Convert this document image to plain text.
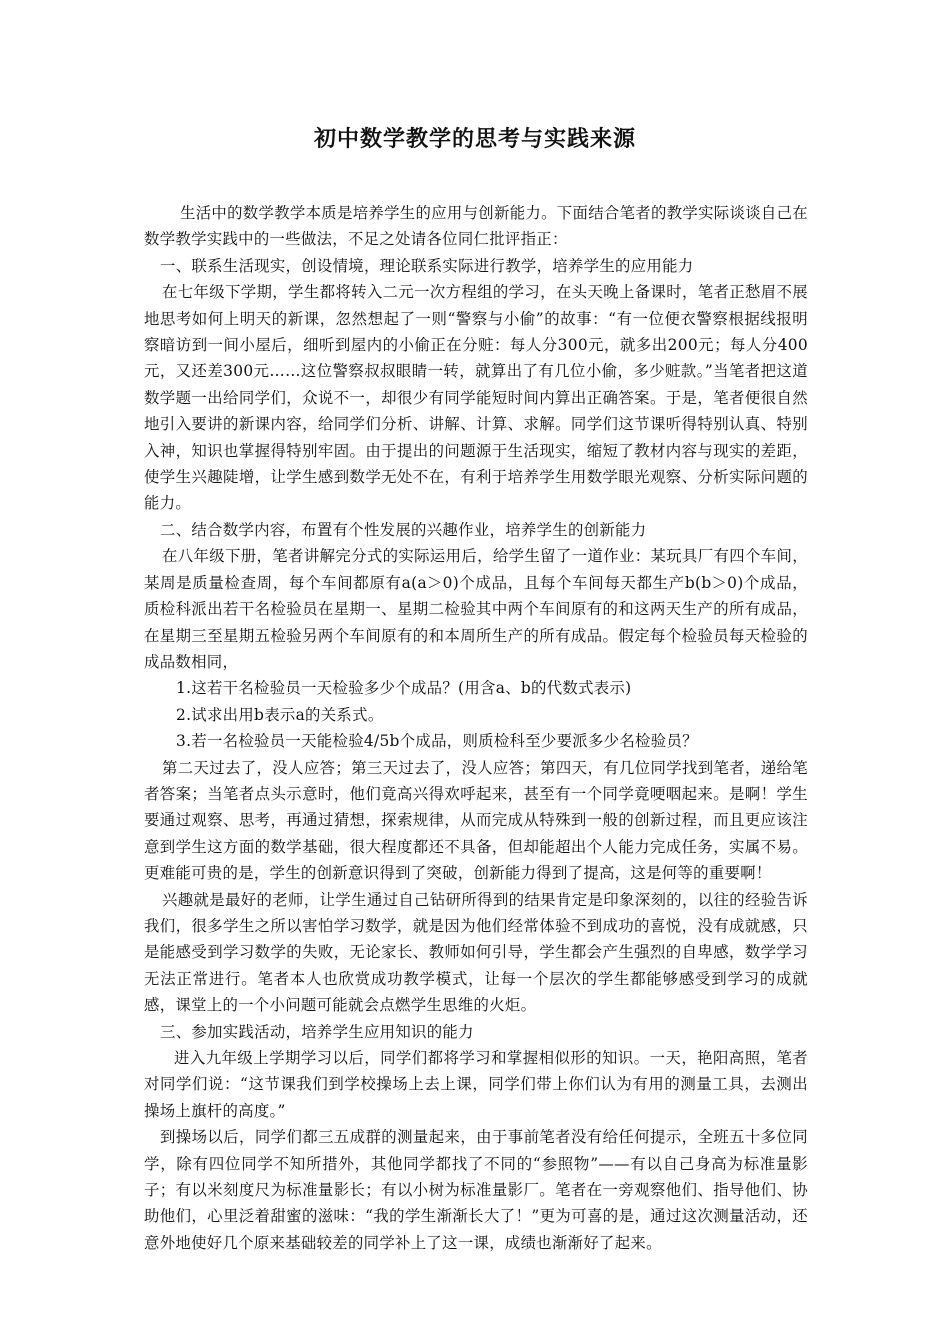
初中数学教学的思考与实践来源

生活中的数学教学本质是培养学生的应用与创新能力。下面结合笔者的教学实际谈谈自己在数学教学实践中的一些做法，不足之处请各位同仁批评指正：

一、联系生活现实，创设情境，理论联系实际进行教学，培养学生的应用能力

在七年级下学期，学生都将转入二元一次方程组的学习，在头天晚上备课时，笔者正愁眉不展地思考如何上明天的新课，忽然想起了一则“警察与小偷”的故事：“有一位便衣警察根据线报明察暗访到一间小屋后，细听到屋内的小偷正在分赃：每人分300元，就多出200元；每人分400元，又还差300元……这位警察叔叔眼睛一转，就算出了有几位小偷，多少赃款。”当笔者把这道数学题一出给同学们，众说不一，却很少有同学能短时间内算出正确答案。于是，笔者便很自然地引入要讲的新课内容，给同学们分析、讲解、计算、求解。同学们这节课听得特别认真、特别入神，知识也掌握得特别牢固。由于提出的问题源于生活现实，缩短了教材内容与现实的差距，使学生兴趣陡增，让学生感到数学无处不在，有利于培养学生用数学眼光观察、分析实际问题的能力。

二、结合数学内容，布置有个性发展的兴趣作业，培养学生的创新能力

在八年级下册，笔者讲解完分式的实际运用后，给学生留了一道作业：某玩具厂有四个车间，某周是质量检查周，每个车间都原有a(a＞0)个成品，且每个车间每天都生产b(b＞0)个成品，质检科派出若干名检验员在星期一、星期二检验其中两个车间原有的和这两天生产的所有成品，在星期三至星期五检验另两个车间原有的和本周所生产的所有成品。假定每个检验员每天检验的成品数相同，

1.这若干名检验员一天检验多少个成品？(用含a、b的代数式表示)

2.试求出用b表示a的关系式。

3.若一名检验员一天能检验4/5b个成品，则质检科至少要派多少名检验员？

第二天过去了，没人应答；第三天过去了，没人应答；第四天，有几位同学找到笔者，递给笔者答案；当笔者点头示意时，他们竟高兴得欢呼起来，甚至有一个同学竟哽咽起来。是啊！学生要通过观察、思考，再通过猜想，探索规律，从而完成从特殊到一般的创新过程，而且更应该注意到学生这方面的数学基础，很大程度都还不具备，但却能超出个人能力完成任务，实属不易。更难能可贵的是，学生的创新意识得到了突破，创新能力得到了提高，这是何等的重要啊！

兴趣就是最好的老师，让学生通过自己钻研所得到的结果肯定是印象深刻的，以往的经验告诉我们，很多学生之所以害怕学习数学，就是因为他们经常体验不到成功的喜悦，没有成就感，只是能感受到学习数学的失败，无论家长、教师如何引导，学生都会产生强烈的自卑感，数学学习无法正常进行。笔者本人也欣赏成功教学模式，让每一个层次的学生都能够感受到学习的成就感，课堂上的一个小问题可能就会点燃学生思维的火炬。

三、参加实践活动，培养学生应用知识的能力

进入九年级上学期学习以后，同学们都将学习和掌握相似形的知识。一天，艳阳高照，笔者对同学们说：“这节课我们到学校操场上去上课，同学们带上你们认为有用的测量工具，去测出操场上旗杆的高度。”

到操场以后，同学们都三五成群的测量起来，由于事前笔者没有给任何提示，全班五十多位同学，除有四位同学不知所措外，其他同学都找了不同的“参照物”——有以自己身高为标准量影子；有以米刻度尺为标准量影长；有以小树为标准量影厂。笔者在一旁观察他们、指导他们、协助他们，心里泛着甜蜜的滋味：“我的学生渐渐长大了！”更为可喜的是，通过这次测量活动，还意外地使好几个原来基础较差的同学补上了这一课，成绩也渐渐好了起来。
